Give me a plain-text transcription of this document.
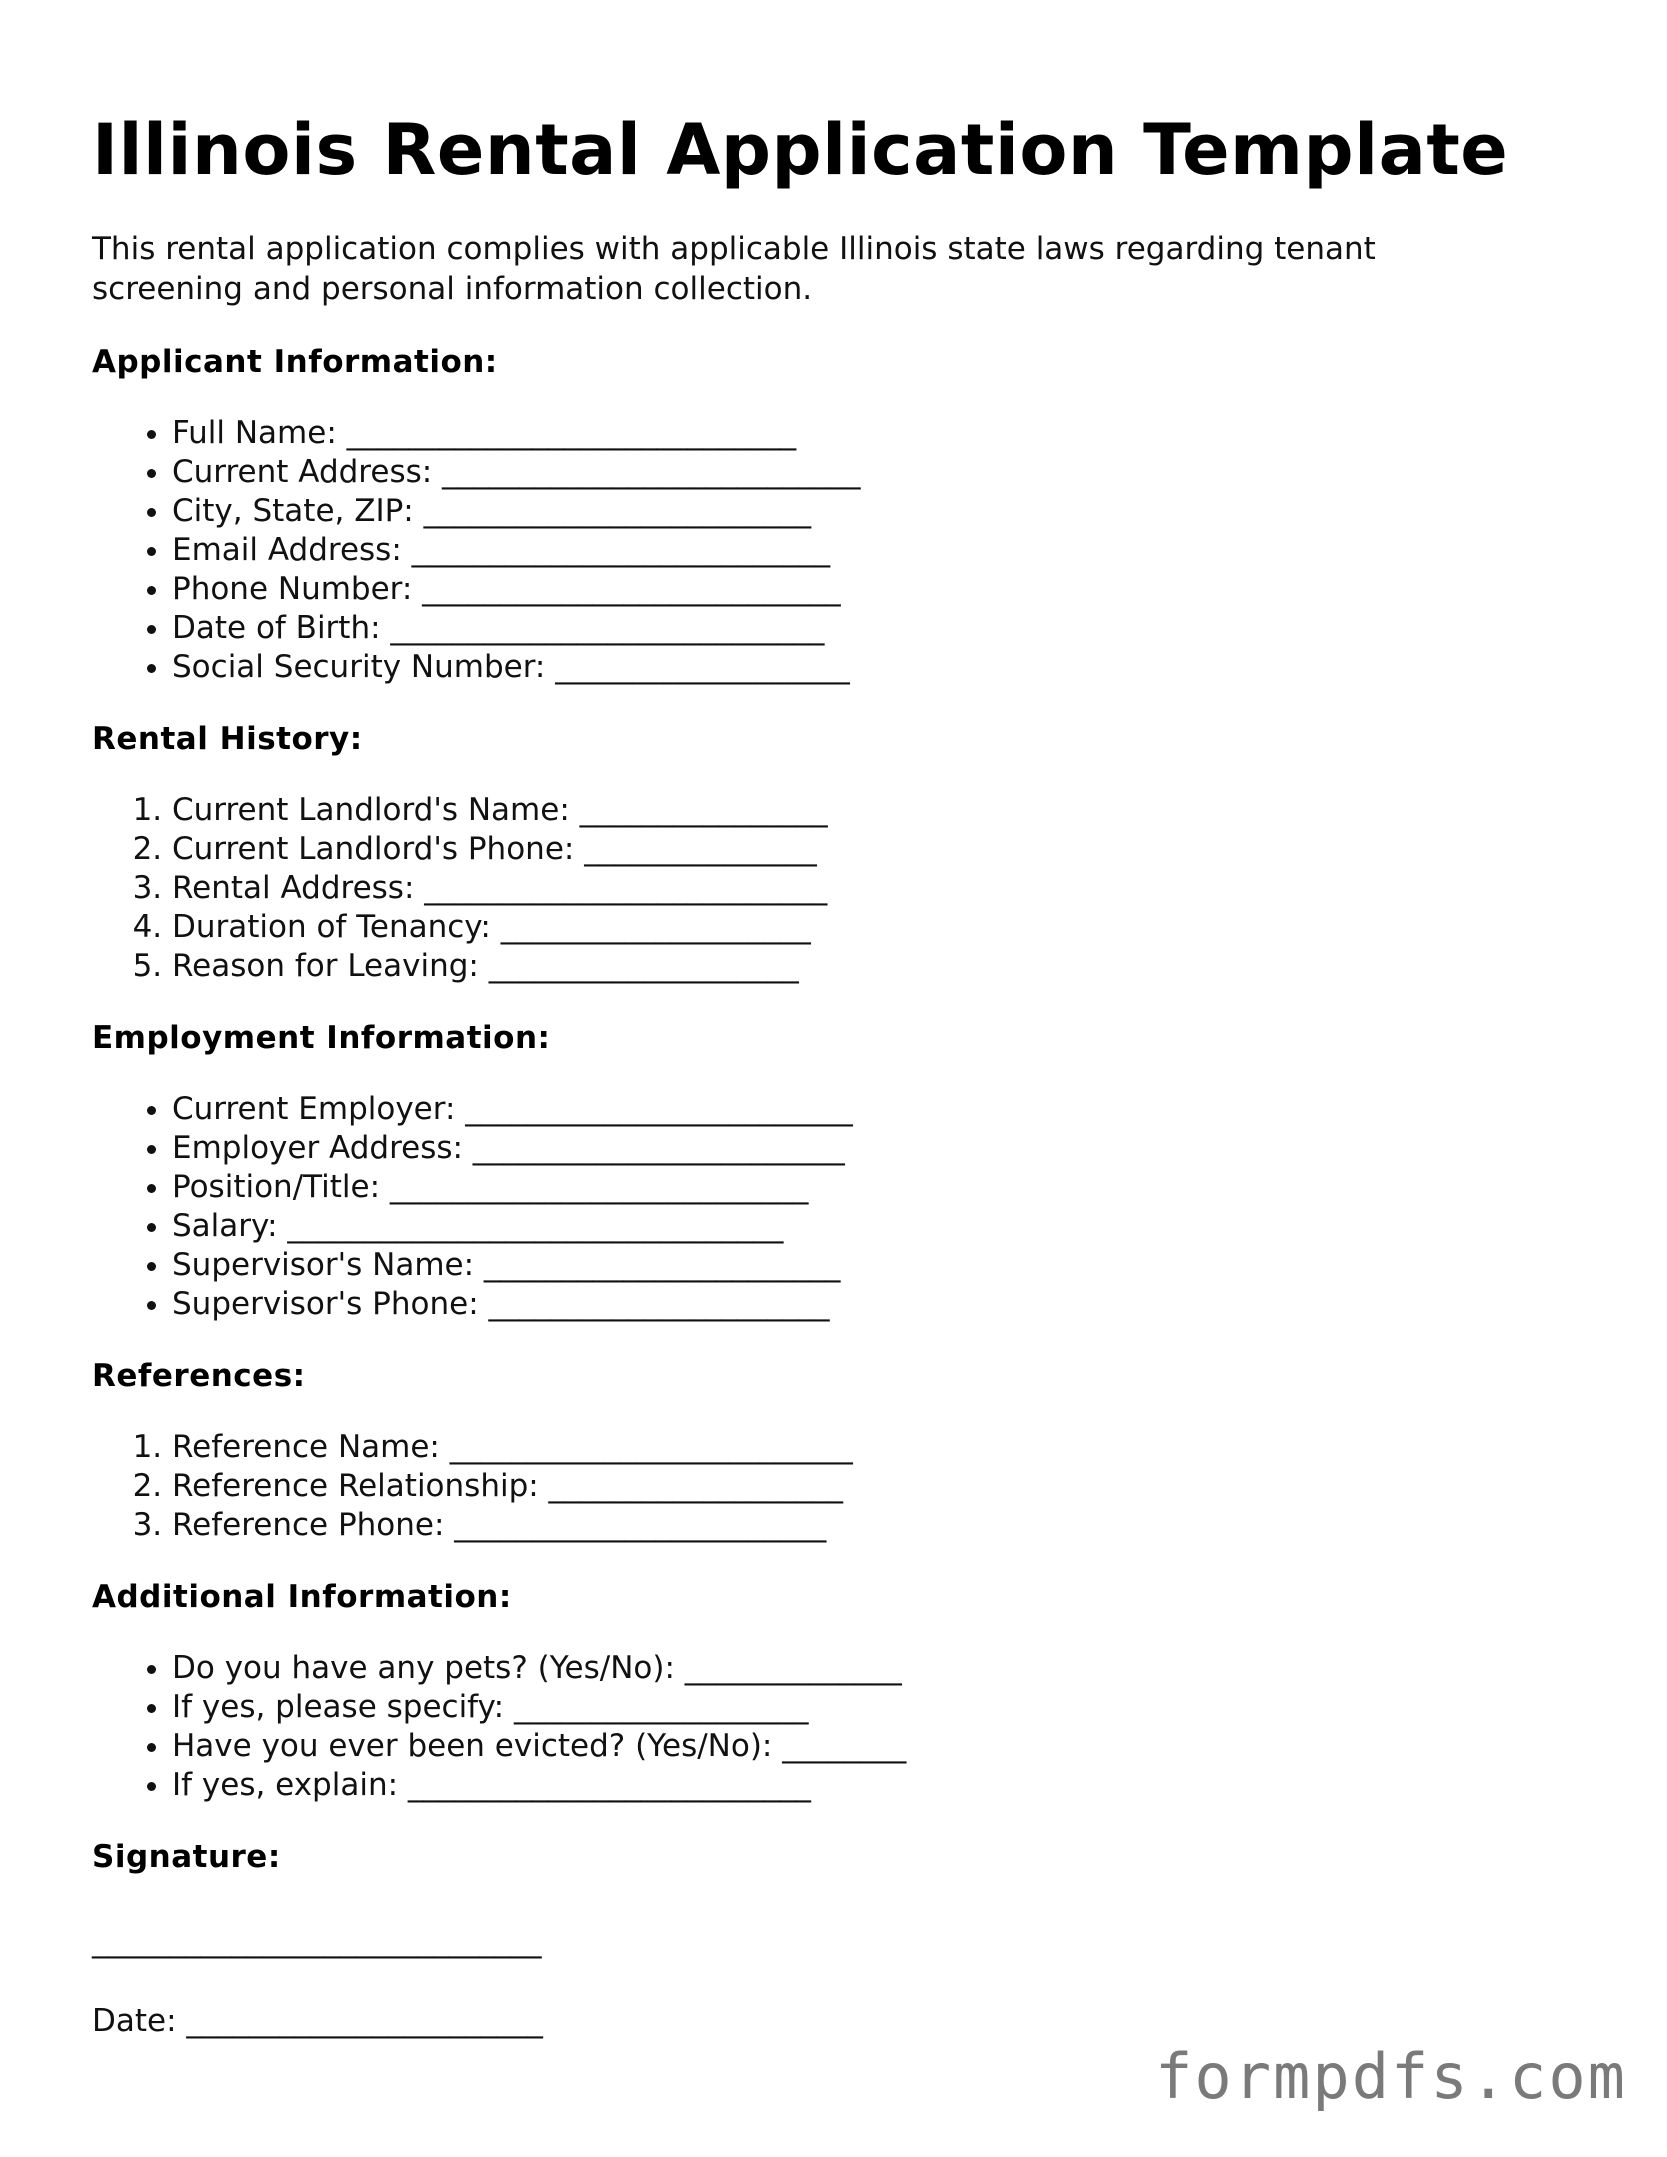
Illinois Rental Application Template

This rental application complies with applicable Illinois state laws regarding tenant screening and personal information collection.

Applicant Information:
• Full Name: _____________________________
• Current Address: ___________________________
• City, State, ZIP: _________________________
• Email Address: ___________________________
• Phone Number: ___________________________
• Date of Birth: ____________________________
• Social Security Number: ___________________
Rental History:
1. Current Landlord's Name: ________________
2. Current Landlord's Phone: _______________
3. Rental Address: __________________________
4. Duration of Tenancy: ____________________
5. Reason for Leaving: ____________________
Employment Information:
• Current Employer: _________________________
• Employer Address: ________________________
• Position/Title: ___________________________
• Salary: ________________________________
• Supervisor's Name: _______________________
• Supervisor's Phone: ______________________
References:
1. Reference Name: __________________________
2. Reference Relationship: ___________________
3. Reference Phone: ________________________
Additional Information:
• Do you have any pets? (Yes/No): ______________
• If yes, please specify: ___________________
• Have you ever been evicted? (Yes/No): ________
• If yes, explain: __________________________
Signature:
_____________________________
Date: _______________________
formpdfs.com
